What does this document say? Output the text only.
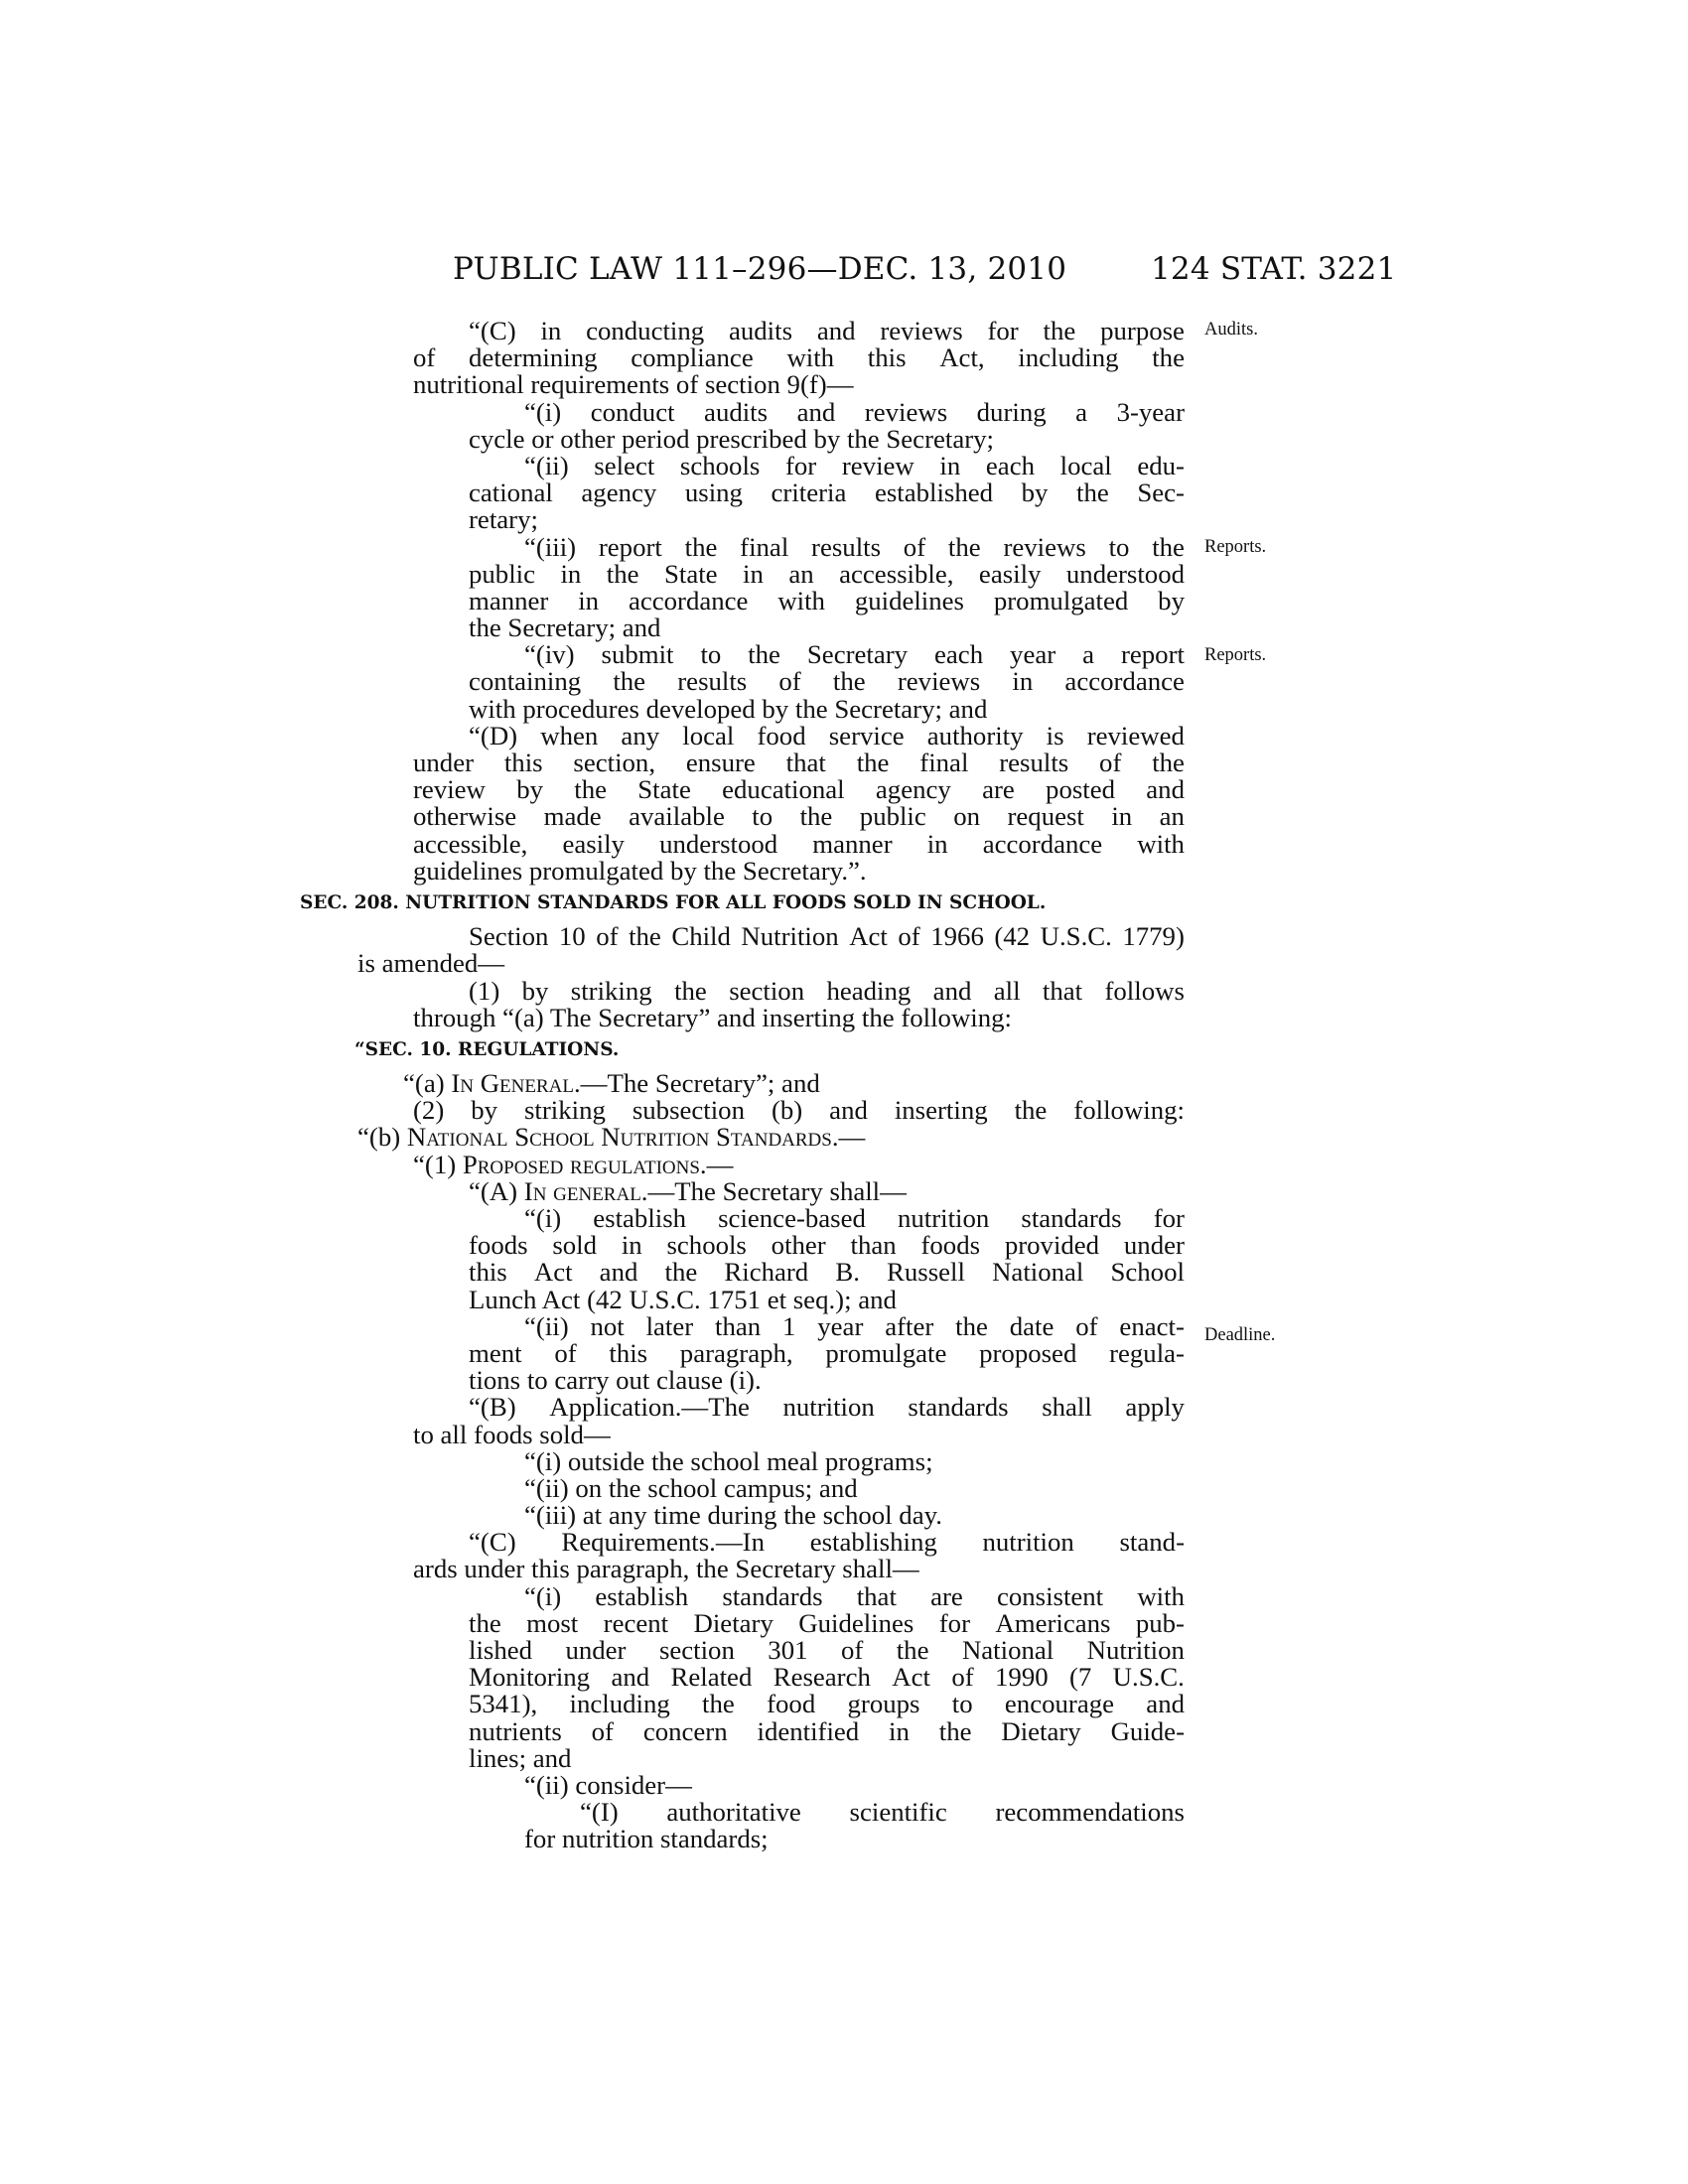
PUBLIC LAW 111–296—DEC. 13, 2010	124 STAT. 3221
Audits.
Reports.
Reports.
Deadline.
“(C) in conducting audits and reviews for the purpose
of determining compliance with this Act, including the
nutritional requirements of section 9(f)—
“(i) conduct audits and reviews during a 3-year
cycle or other period prescribed by the Secretary;
“(ii) select schools for review in each local edu-
cational agency using criteria established by the Sec-
retary;
“(iii) report the final results of the reviews to the
public in the State in an accessible, easily understood
manner in accordance with guidelines promulgated by
the Secretary; and
“(iv) submit to the Secretary each year a report
containing the results of the reviews in accordance
with procedures developed by the Secretary; and
“(D) when any local food service authority is reviewed
under this section, ensure that the final results of the
review by the State educational agency are posted and
otherwise made available to the public on request in an
accessible, easily understood manner in accordance with
guidelines promulgated by the Secretary.”.
SEC. 208. NUTRITION STANDARDS FOR ALL FOODS SOLD IN SCHOOL.
Section 10 of the Child Nutrition Act of 1966 (42 U.S.C. 1779)
is amended—
(1) by striking the section heading and all that follows
through “(a) The Secretary” and inserting the following:
“SEC. 10. REGULATIONS.
“(a) In General.—The Secretary”; and
(2) by striking subsection (b) and inserting the following:
“(b) National School Nutrition Standards.—
“(1) Proposed regulations.—
“(A) In general.—The Secretary shall—
“(i) establish science-based nutrition standards for
foods sold in schools other than foods provided under
this Act and the Richard B. Russell National School
Lunch Act (42 U.S.C. 1751 et seq.); and
“(ii) not later than 1 year after the date of enact-
ment of this paragraph, promulgate proposed regula-
tions to carry out clause (i).
“(B) Application.—The nutrition standards shall apply
to all foods sold—
“(i) outside the school meal programs;
“(ii) on the school campus; and
“(iii) at any time during the school day.
“(C) Requirements.—In establishing nutrition stand-
ards under this paragraph, the Secretary shall—
“(i) establish standards that are consistent with
the most recent Dietary Guidelines for Americans pub-
lished under section 301 of the National Nutrition
Monitoring and Related Research Act of 1990 (7 U.S.C.
5341), including the food groups to encourage and
nutrients of concern identified in the Dietary Guide-
lines; and
“(ii) consider—
“(I) authoritative scientific recommendations
for nutrition standards;
